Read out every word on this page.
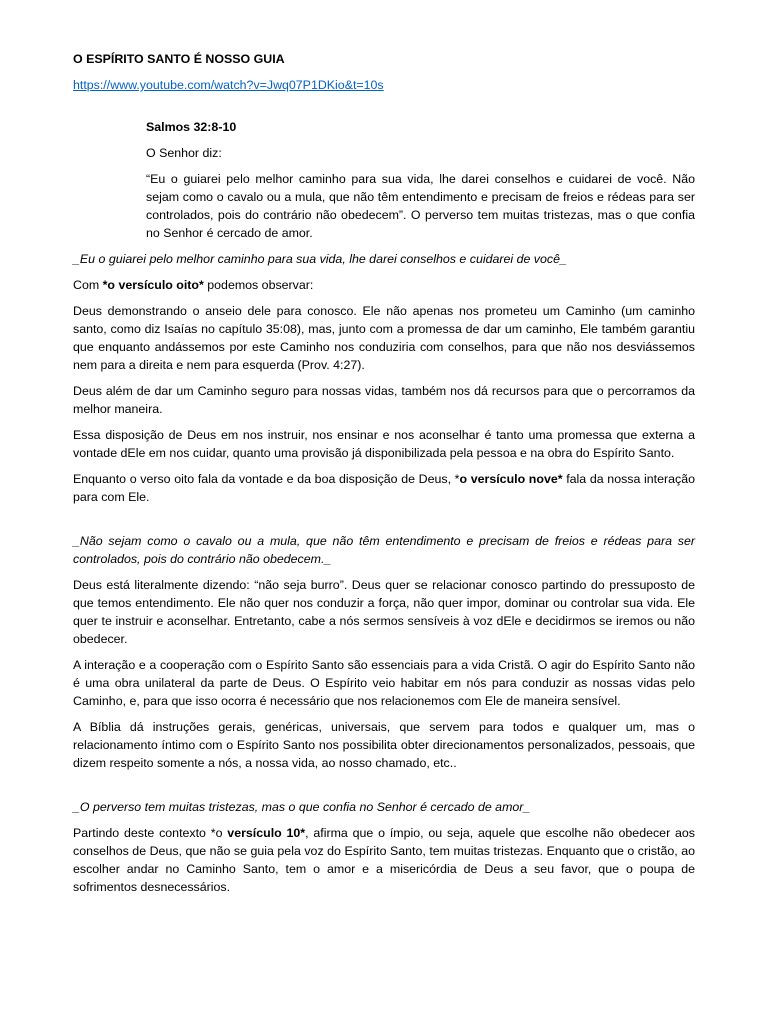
O ESPÍRITO SANTO É NOSSO GUIA

https://www.youtube.com/watch?v=Jwq07P1DKio&t=10s

Salmos 32:8-10

O Senhor diz:

“Eu o guiarei pelo melhor caminho para sua vida, lhe darei conselhos e cuidarei de você. Não sejam como o cavalo ou a mula, que não têm entendimento e precisam de freios e rédeas para ser controlados, pois do contrário não obedecem”. O perverso tem muitas tristezas, mas o que confia no Senhor é cercado de amor.

_Eu o guiarei pelo melhor caminho para sua vida, lhe darei conselhos e cuidarei de você_

Com *o versículo oito* podemos observar:

Deus demonstrando o anseio dele para conosco. Ele não apenas nos prometeu um Caminho (um caminho santo, como diz Isaías no capítulo 35:08), mas, junto com a promessa de dar um caminho, Ele também garantiu que enquanto andássemos por este Caminho nos conduziria com conselhos, para que não nos desviássemos nem para a direita e nem para esquerda (Prov. 4:27).

Deus além de dar um Caminho seguro para nossas vidas, também nos dá recursos para que o percorramos da melhor maneira.

Essa disposição de Deus em nos instruir, nos ensinar e nos aconselhar é tanto uma promessa que externa a vontade dEle em nos cuidar, quanto uma provisão já disponibilizada pela pessoa e na obra do Espírito Santo.

Enquanto o verso oito fala da vontade e da boa disposição de Deus, *o versículo nove* fala da nossa interação para com Ele.

_Não sejam como o cavalo ou a mula, que não têm entendimento e precisam de freios e rédeas para ser controlados, pois do contrário não obedecem._

Deus está literalmente dizendo: “não seja burro”. Deus quer se relacionar conosco partindo do pressuposto de que temos entendimento. Ele não quer nos conduzir a força, não quer impor, dominar ou controlar sua vida. Ele quer te instruir e aconselhar. Entretanto, cabe a nós sermos sensíveis à voz dEle e decidirmos se iremos ou não obedecer.

A interação e a cooperação com o Espírito Santo são essenciais para a vida Cristã. O agir do Espírito Santo não é uma obra unilateral da parte de Deus. O Espírito veio habitar em nós para conduzir as nossas vidas pelo Caminho, e, para que isso ocorra é necessário que nos relacionemos com Ele de maneira sensível.

A Bíblia dá instruções gerais, genéricas, universais, que servem para todos e qualquer um, mas o relacionamento íntimo com o Espírito Santo nos possibilita obter direcionamentos personalizados, pessoais, que dizem respeito somente a nós, a nossa vida, ao nosso chamado, etc..

_O perverso tem muitas tristezas, mas o que confia no Senhor é cercado de amor_

Partindo deste contexto *o versículo 10*, afirma que o ímpio, ou seja, aquele que escolhe não obedecer aos conselhos de Deus, que não se guia pela voz do Espírito Santo, tem muitas tristezas. Enquanto que o cristão, ao escolher andar no Caminho Santo, tem o amor e a misericórdia de Deus a seu favor, que o poupa de sofrimentos desnecessários.
